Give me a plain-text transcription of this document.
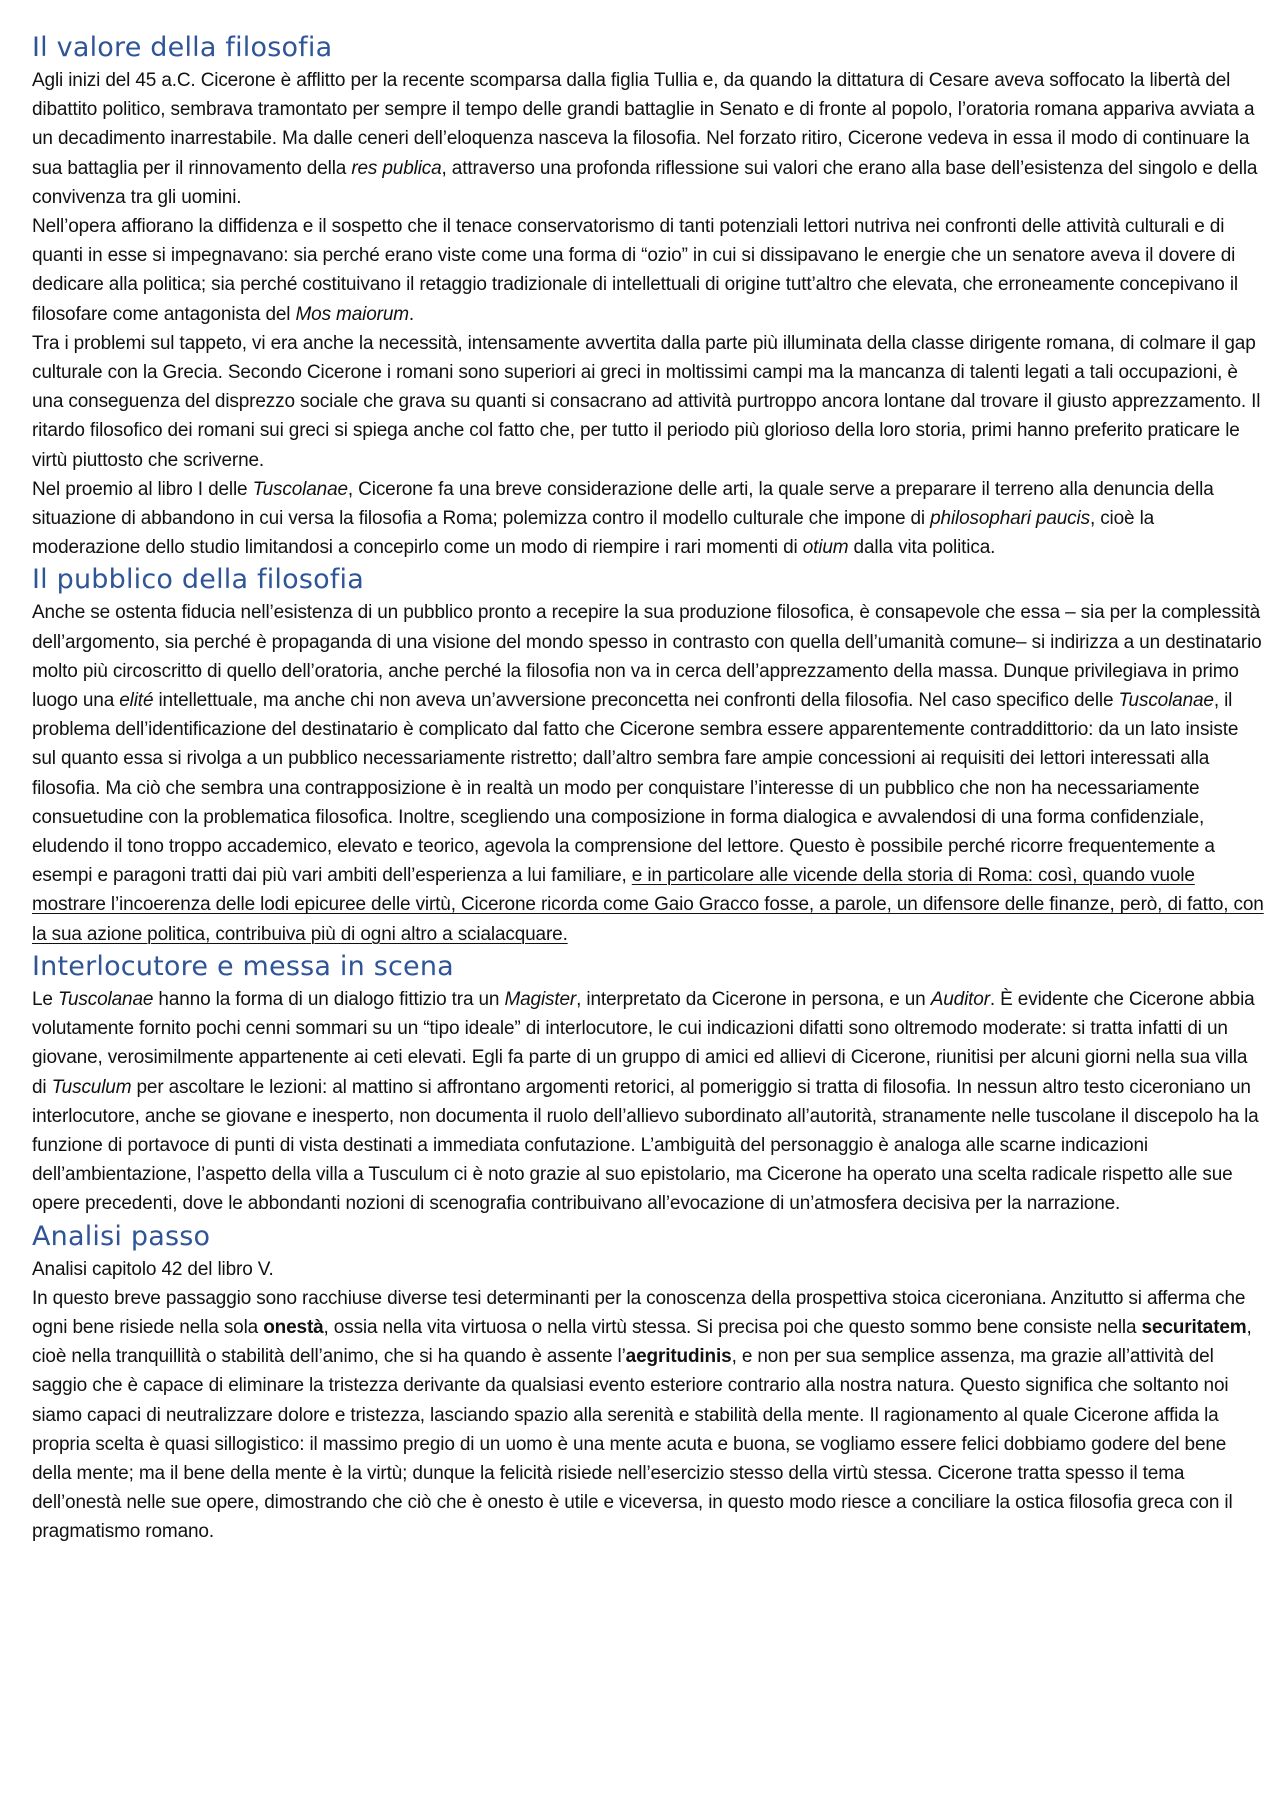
Il valore della filosofia

Agli inizi del 45 a.C. Cicerone è afflitto per la recente scomparsa dalla figlia Tullia e, da quando la dittatura di Cesare aveva soffocato la libertà del dibattito politico, sembrava tramontato per sempre il tempo delle grandi battaglie in Senato e di fronte al popolo, l’oratoria romana appariva avviata a un decadimento inarrestabile. Ma dalle ceneri dell’eloquenza nasceva la filosofia. Nel forzato ritiro, Cicerone vedeva in essa il modo di continuare la sua battaglia per il rinnovamento della res publica, attraverso una profonda riflessione sui valori che erano alla base dell’esistenza del singolo e della convivenza tra gli uomini.

Nell’opera affiorano la diffidenza e il sospetto che il tenace conservatorismo di tanti potenziali lettori nutriva nei confronti delle attività culturali e di quanti in esse si impegnavano: sia perché erano viste come una forma di “ozio” in cui si dissipavano le energie che un senatore aveva il dovere di dedicare alla politica; sia perché costituivano il retaggio tradizionale di intellettuali di origine tutt’altro che elevata, che erroneamente concepivano il filosofare come antagonista del Mos maiorum.

Tra i problemi sul tappeto, vi era anche la necessità, intensamente avvertita dalla parte più illuminata della classe dirigente romana, di colmare il gap culturale con la Grecia. Secondo Cicerone i romani sono superiori ai greci in moltissimi campi ma la mancanza di talenti legati a tali occupazioni, è una conseguenza del disprezzo sociale che grava su quanti si consacrano ad attività purtroppo ancora lontane dal trovare il giusto apprezzamento. Il ritardo filosofico dei romani sui greci si spiega anche col fatto che, per tutto il periodo più glorioso della loro storia, primi hanno preferito praticare le virtù piuttosto che scriverne.

Nel proemio al libro I delle Tuscolanae, Cicerone fa una breve considerazione delle arti, la quale serve a preparare il terreno alla denuncia della situazione di abbandono in cui versa la filosofia a Roma; polemizza contro il modello culturale che impone di philosophari paucis, cioè la moderazione dello studio limitandosi a concepirlo come un modo di riempire i rari momenti di otium dalla vita politica.

Il pubblico della filosofia

Anche se ostenta fiducia nell’esistenza di un pubblico pronto a recepire la sua produzione filosofica, è consapevole che essa – sia per la complessità dell’argomento, sia perché è propaganda di una visione del mondo spesso in contrasto con quella dell’umanità comune– si indirizza a un destinatario molto più circoscritto di quello dell’oratoria, anche perché la filosofia non va in cerca dell’apprezzamento della massa. Dunque privilegiava in primo luogo una elité intellettuale, ma anche chi non aveva un’avversione preconcetta nei confronti della filosofia. Nel caso specifico delle Tuscolanae, il problema dell’identificazione del destinatario è complicato dal fatto che Cicerone sembra essere apparentemente contraddittorio: da un lato insiste sul quanto essa si rivolga a un pubblico necessariamente ristretto; dall’altro sembra fare ampie concessioni ai requisiti dei lettori interessati alla filosofia. Ma ciò che sembra una contrapposizione è in realtà un modo per conquistare l’interesse di un pubblico che non ha necessariamente consuetudine con la problematica filosofica. Inoltre, scegliendo una composizione in forma dialogica e avvalendosi di una forma confidenziale, eludendo il tono troppo accademico, elevato e teorico, agevola la comprensione del lettore. Questo è possibile perché ricorre frequentemente a esempi e paragoni tratti dai più vari ambiti dell’esperienza a lui familiare, e in particolare alle vicende della storia di Roma: così, quando vuole mostrare l’incoerenza delle lodi epicuree delle virtù, Cicerone ricorda come Gaio Gracco fosse, a parole, un difensore delle finanze, però, di fatto, con la sua azione politica, contribuiva più di ogni altro a scialacquare.

Interlocutore e messa in scena

Le Tuscolanae hanno la forma di un dialogo fittizio tra un Magister, interpretato da Cicerone in persona, e un Auditor. È evidente che Cicerone abbia volutamente fornito pochi cenni sommari su un “tipo ideale” di interlocutore, le cui indicazioni difatti sono oltremodo moderate: si tratta infatti di un giovane, verosimilmente appartenente ai ceti elevati. Egli fa parte di un gruppo di amici ed allievi di Cicerone, riunitisi per alcuni giorni nella sua villa di Tusculum per ascoltare le lezioni: al mattino si affrontano argomenti retorici, al pomeriggio si tratta di filosofia. In nessun altro testo ciceroniano un interlocutore, anche se giovane e inesperto, non documenta il ruolo dell’allievo subordinato all’autorità, stranamente nelle tuscolane il discepolo ha la funzione di portavoce di punti di vista destinati a immediata confutazione. L’ambiguità del personaggio è analoga alle scarne indicazioni dell’ambientazione, l’aspetto della villa a Tusculum ci è noto grazie al suo epistolario, ma Cicerone ha operato una scelta radicale rispetto alle sue opere precedenti, dove le abbondanti nozioni di scenografia contribuivano all’evocazione di un’atmosfera decisiva per la narrazione.

Analisi passo

Analisi capitolo 42 del libro V.

In questo breve passaggio sono racchiuse diverse tesi determinanti per la conoscenza della prospettiva stoica ciceroniana. Anzitutto si afferma che ogni bene risiede nella sola onestà, ossia nella vita virtuosa o nella virtù stessa. Si precisa poi che questo sommo bene consiste nella securitatem, cioè nella tranquillità o stabilità dell’animo, che si ha quando è assente l’aegritudinis, e non per sua semplice assenza, ma grazie all’attività del saggio che è capace di eliminare la tristezza derivante da qualsiasi evento esteriore contrario alla nostra natura. Questo significa che soltanto noi siamo capaci di neutralizzare dolore e tristezza, lasciando spazio alla serenità e stabilità della mente. Il ragionamento al quale Cicerone affida la propria scelta è quasi sillogistico: il massimo pregio di un uomo è una mente acuta e buona, se vogliamo essere felici dobbiamo godere del bene della mente; ma il bene della mente è la virtù; dunque la felicità risiede nell’esercizio stesso della virtù stessa. Cicerone tratta spesso il tema dell’onestà nelle sue opere, dimostrando che ciò che è onesto è utile e viceversa, in questo modo riesce a conciliare la ostica filosofia greca con il pragmatismo romano.
